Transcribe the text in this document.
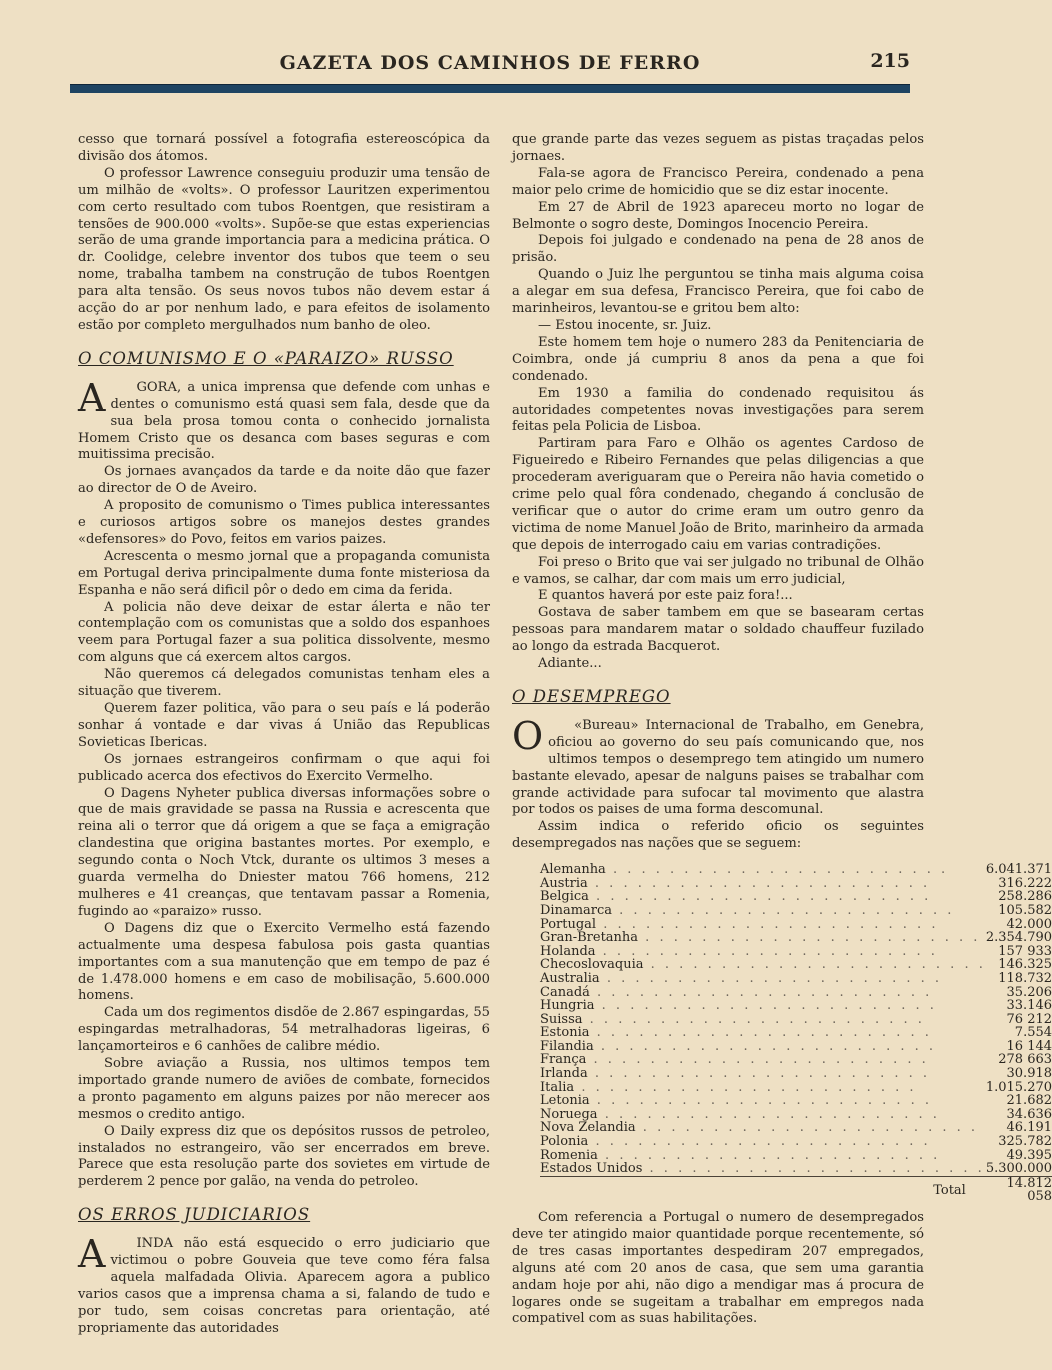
GAZETA DOS CAMINHOS DE FERRO	215

cesso que tornará possível a fotografia estereoscópica da divisão dos átomos.

O professor Lawrence conseguiu produzir uma tensão de um milhão de «volts». O professor Lauritzen experimentou com certo resultado com tubos Roentgen, que resistiram a tensões de 900.000 «volts». Supõe-se que estas experiencias serão de uma grande importancia para a medicina prática. O dr. Coolidge, celebre inventor dos tubos que teem o seu nome, trabalha tambem na construção de tubos Roentgen para alta tensão. Os seus novos tubos não devem estar á acção do ar por nenhum lado, e para efeitos de isolamento estão por completo mergulhados num banho de oleo.

O COMUNISMO E O «PARAIZO» RUSSO
A	GORA, a unica imprensa que defende com unhas e dentes o comunismo está quasi sem fala, desde que da sua bela prosa tomou conta o conhecido jornalista Homem Cristo que os desanca com bases seguras e com muitissima precisão.

Os jornaes avançados da tarde e da noite dão que fazer ao director de O de Aveiro.

A proposito de comunismo o Times publica interessantes e curiosos artigos sobre os manejos destes grandes «defensores» do Povo, feitos em varios paizes.

Acrescenta o mesmo jornal que a propaganda comunista em Portugal deriva principalmente duma fonte misteriosa da Espanha e não será dificil pôr o dedo em cima da ferida.

A policia não deve deixar de estar álerta e não ter contemplação com os comunistas que a soldo dos espanhoes veem para Portugal fazer a sua politica dissolvente, mesmo com alguns que cá exercem altos cargos.

Não queremos cá delegados comunistas tenham eles a situação que tiverem.

Querem fazer politica, vão para o seu país e lá poderão sonhar á vontade e dar vivas á União das Republicas Sovieticas Ibericas.

Os jornaes estrangeiros confirmam o que aqui foi publicado acerca dos efectivos do Exercito Vermelho.

O Dagens Nyheter publica diversas informações sobre o que de mais gravidade se passa na Russia e acrescenta que reina ali o terror que dá origem a que se faça a emigração clandestina que origina bastantes mortes. Por exemplo, e segundo conta o Noch Vtck, durante os ultimos 3 meses a guarda vermelha do Dniester matou 766 homens, 212 mulheres e 41 creanças, que tentavam passar a Romenia, fugindo ao «paraizo» russo.

O Dagens diz que o Exercito Vermelho está fazendo actualmente uma despesa fabulosa pois gasta quantias importantes com a sua manutenção que em tempo de paz é de 1.478.000 homens e em caso de mobilisação, 5.600.000 homens.

Cada um dos regimentos disdõe de 2.867 espingardas, 55 espingardas metralhadoras, 54 metralhadoras ligeiras, 6 lançamorteiros e 6 canhões de calibre médio.

Sobre aviação a Russia, nos ultimos tempos tem importado grande numero de aviões de combate, fornecidos a pronto pagamento em alguns paizes por não merecer aos mesmos o credito antigo.

O Daily express diz que os depósitos russos de petroleo, instalados no estrangeiro, vão ser encerrados em breve. Parece que esta resolução parte dos sovietes em virtude de perderem 2 pence por galão, na venda do petroleo.

OS ERROS JUDICIARIOS
A	INDA não está esquecido o erro judiciario que victimou o pobre Gouveia que teve como féra falsa aquela malfadada Olivia. Aparecem agora a publico varios casos que a imprensa chama a si, falando de tudo e por tudo, sem coisas concretas para orientação, até propriamente das autoridades

que grande parte das vezes seguem as pistas traçadas pelos jornaes.

Fala-se agora de Francisco Pereira, condenado a pena maior pelo crime de homicidio que se diz estar inocente.

Em 27 de Abril de 1923 apareceu morto no logar de Belmonte o sogro deste, Domingos Inocencio Pereira.

Depois foi julgado e condenado na pena de 28 anos de prisão.

Quando o Juiz lhe perguntou se tinha mais alguma coisa a alegar em sua defesa, Francisco Pereira, que foi cabo de marinheiros, levantou-se e gritou bem alto:

— Estou inocente, sr. Juiz.

Este homem tem hoje o numero 283 da Penitenciaria de Coimbra, onde já cumpriu 8 anos da pena a que foi condenado.

Em 1930 a familia do condenado requisitou ás autoridades competentes novas investigações para serem feitas pela Policia de Lisboa.

Partiram para Faro e Olhão os agentes Cardoso de Figueiredo e Ribeiro Fernandes que pelas diligencias a que procederam averiguaram que o Pereira não havia cometido o crime pelo qual fôra condenado, chegando á conclusão de verificar que o autor do crime eram um outro genro da victima de nome Manuel João de Brito, marinheiro da armada que depois de interrogado caiu em varias contradições.

Foi preso o Brito que vai ser julgado no tribunal de Olhão e vamos, se calhar, dar com mais um erro judicial,

E quantos haverá por este paiz fora!...

Gostava de saber tambem em que se basearam certas pessoas para mandarem matar o soldado chauffeur fuzilado ao longo da estrada Bacquerot.

Adiante...

O DESEMPREGO
O	«Bureau» Internacional de Trabalho, em Genebra, oficiou ao governo do seu país comunicando que, nos ultimos tempos o desemprego tem atingido um numero bastante elevado, apesar de nalguns paises se trabalhar com grande actividade para sufocar tal movimento que alastra por todos os paises de uma forma descomunal.

Assim indica o referido oficio os seguintes desempregados nas nações que se seguem:

Alemanha . . . . . . . . . . . . . . . . . . . . . . . .	6.041.371
Austria . . . . . . . . . . . . . . . . . . . . . . . .	316.222
Belgica . . . . . . . . . . . . . . . . . . . . . . . .	258.286
Dinamarca . . . . . . . . . . . . . . . . . . . . . . . .	105.582
Portugal . . . . . . . . . . . . . . . . . . . . . . . .	42.000
Gran-Bretanha . . . . . . . . . . . . . . . . . . . . . . . .	2.354.790
Holanda . . . . . . . . . . . . . . . . . . . . . . . .	157 933
Checoslovaquia . . . . . . . . . . . . . . . . . . . . . . . .	146.325
Australia . . . . . . . . . . . . . . . . . . . . . . . .	118.732
Canadá . . . . . . . . . . . . . . . . . . . . . . . .	35.206
Hungria . . . . . . . . . . . . . . . . . . . . . . . .	33.146
Suissa . . . . . . . . . . . . . . . . . . . . . . . .	76 212
Estonia . . . . . . . . . . . . . . . . . . . . . . . .	7.554
Filandia . . . . . . . . . . . . . . . . . . . . . . . .	16 144
França . . . . . . . . . . . . . . . . . . . . . . . .	278 663
Irlanda . . . . . . . . . . . . . . . . . . . . . . . .	30.918
Italia . . . . . . . . . . . . . . . . . . . . . . . .	1.015.270
Letonia . . . . . . . . . . . . . . . . . . . . . . . .	21.682
Noruega . . . . . . . . . . . . . . . . . . . . . . . .	34.636
Nova Zelandia . . . . . . . . . . . . . . . . . . . . . . . .	46.191
Polonia . . . . . . . . . . . . . . . . . . . . . . . .	325.782
Romenia . . . . . . . . . . . . . . . . . . . . . . . .	49.395
Estados Unidos . . . . . . . . . . . . . . . . . . . . . . . .	5.300.000
Total	14.812 058

Com referencia a Portugal o numero de desempregados deve ter atingido maior quantidade porque recentemente, só de tres casas importantes despediram 207 empregados, alguns até com 20 anos de casa, que sem uma garantia andam hoje por ahi, não digo a mendigar mas á procura de logares onde se sugeitam a trabalhar em empregos nada compativel com as suas habilitações.
